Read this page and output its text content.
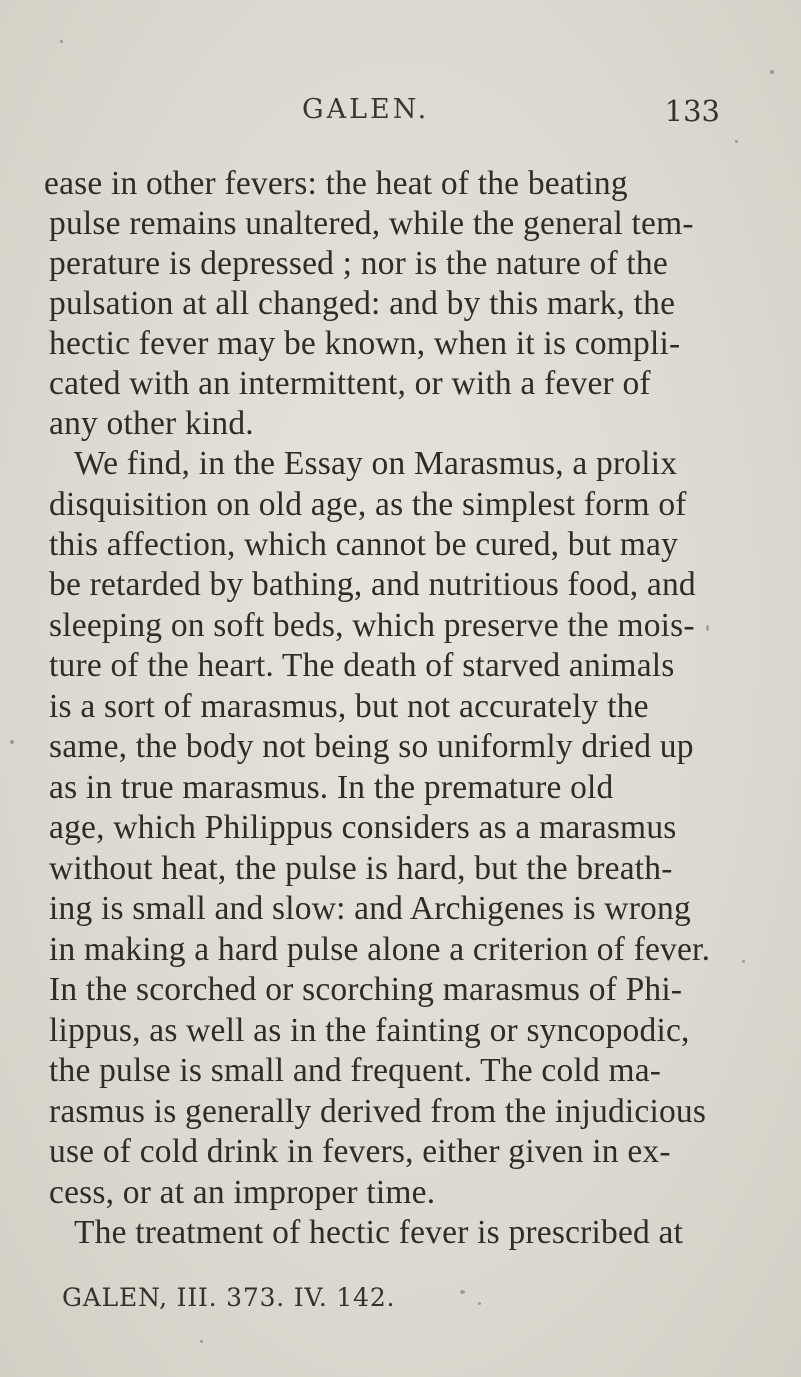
GALEN.	133
ease in other fevers: the heat of the beating
pulse remains unaltered, while the general tem-
perature is depressed ; nor is the nature of the
pulsation at all changed: and by this mark, the
hectic fever may be known, when it is compli-
cated with an intermittent, or with a fever of
any other kind.
We find, in the Essay on Marasmus, a prolix
disquisition on old age, as the simplest form of
this affection, which cannot be cured, but may
be retarded by bathing, and nutritious food, and
sleeping on soft beds, which preserve the mois-
ture of the heart. The death of starved animals
is a sort of marasmus, but not accurately the
same, the body not being so uniformly dried up
as in true marasmus. In the premature old
age, which Philippus considers as a marasmus
without heat, the pulse is hard, but the breath-
ing is small and slow: and Archigenes is wrong
in making a hard pulse alone a criterion of fever.
In the scorched or scorching marasmus of Phi-
lippus, as well as in the fainting or syncopodic,
the pulse is small and frequent. The cold ma-
rasmus is generally derived from the injudicious
use of cold drink in fevers, either given in ex-
cess, or at an improper time.
The treatment of hectic fever is prescribed at
GALEN, III. 373. IV. 142.
